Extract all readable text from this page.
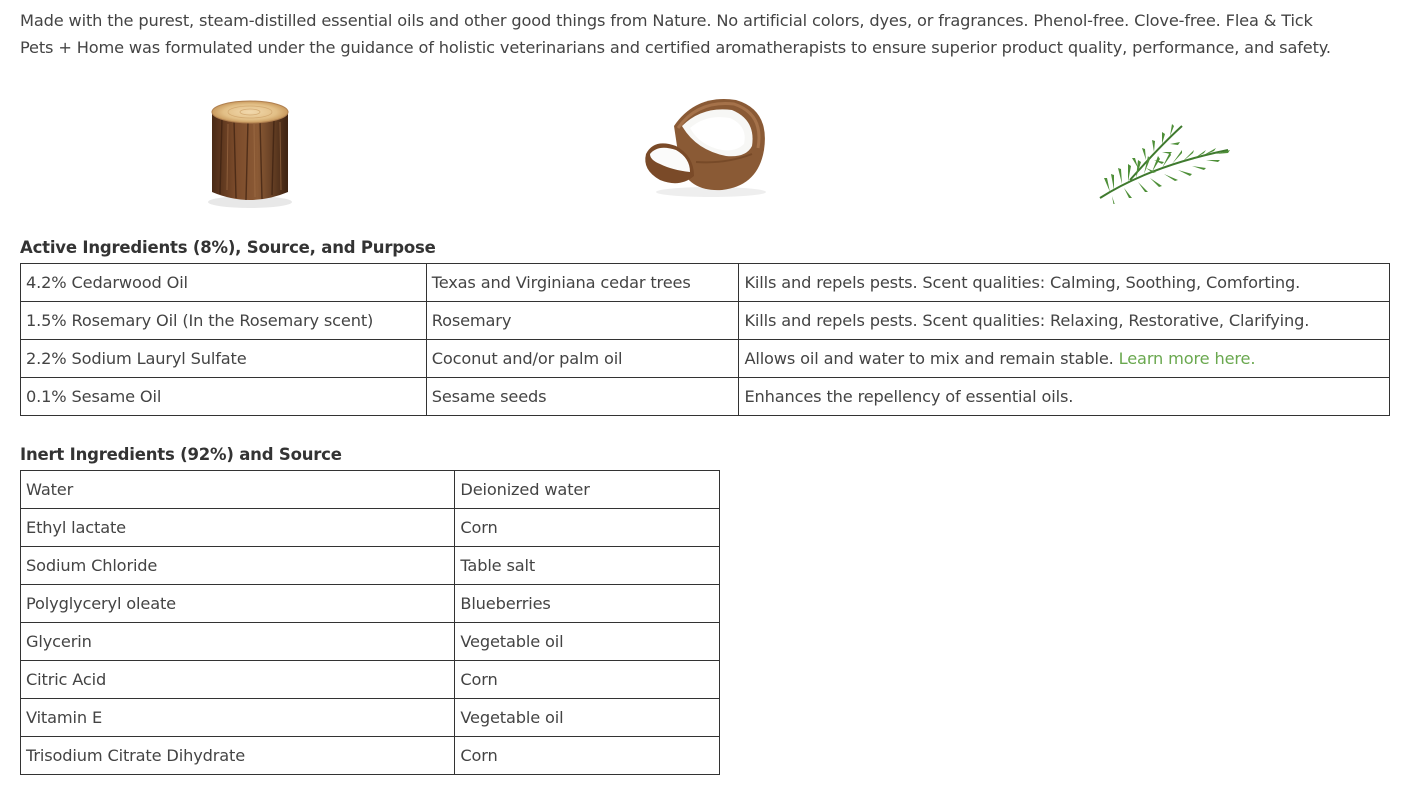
Made with the purest, steam-distilled essential oils and other good things from Nature. No artificial colors, dyes, or fragrances. Phenol-free. Clove-free. Flea & Tick

Pets + Home was formulated under the guidance of holistic veterinarians and certified aromatherapists to ensure superior product quality, performance, and safety.

Active Ingredients (8%), Source, and Purpose
4.2% Cedarwood Oil	Texas and Virginiana cedar trees	Kills and repels pests. Scent qualities: Calming, Soothing, Comforting.
1.5% Rosemary Oil (In the Rosemary scent)	Rosemary	Kills and repels pests. Scent qualities: Relaxing, Restorative, Clarifying.
2.2% Sodium Lauryl Sulfate	Coconut and/or palm oil	Allows oil and water to mix and remain stable. Learn more here.
0.1% Sesame Oil	Sesame seeds	Enhances the repellency of essential oils.
Inert Ingredients (92%) and Source
Water	Deionized water
Ethyl lactate	Corn
Sodium Chloride	Table salt
Polyglyceryl oleate	Blueberries
Glycerin	Vegetable oil
Citric Acid	Corn
Vitamin E	Vegetable oil
Trisodium Citrate Dihydrate	Corn
